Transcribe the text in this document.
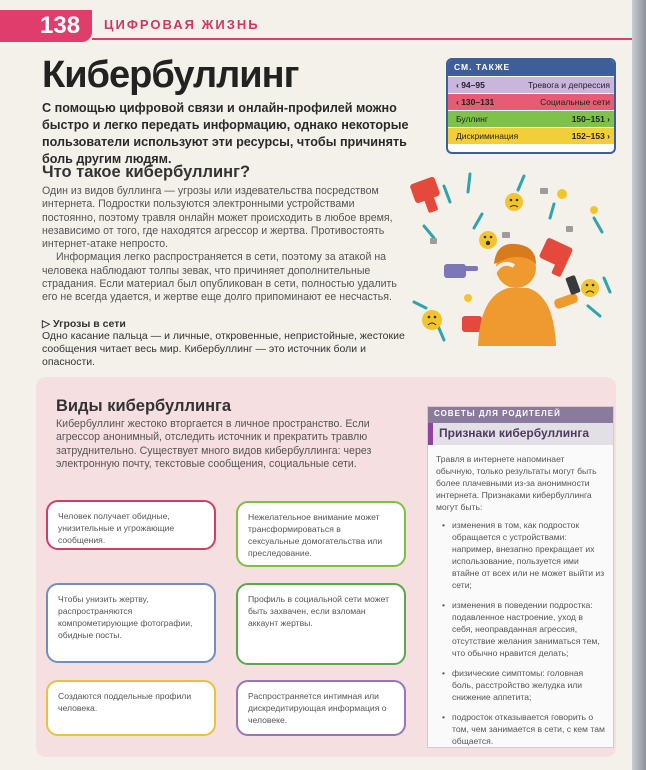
138	ЦИФРОВАЯ ЖИЗНЬ
Кибербуллинг
С помощью цифровой связи и онлайн-профилей можно быстро и легко передать информацию, однако некоторые пользователи используют эти ресурсы, чтобы причинять боль другим людям.
СМ. ТАКЖЕ
‹ 94–95	Тревога и депрессия
‹ 130–131	Социальные сети
Буллинг	150–151 ›
Дискриминация	152–153 ›
Что такое кибербуллинг?

Один из видов буллинга — угрозы или издевательства посредством интернета. Подростки пользуются электронными устройствами постоянно, поэтому травля онлайн может происходить в любое время, независимо от того, где находятся агрессор и жертва. Противостоять интернет-атаке непросто.

Информация легко распространяется в сети, поэтому за атакой на человека наблюдают толпы зевак, что причиняет дополнительные страдания. Если материал был опубликован в сети, полностью удалить его не всегда удается, и жертве еще долго припоминают ее несчастья.

▷ Угрозы в сети
Одно касание пальца — и личные, откровенные, непристойные, жестокие сообщения читает весь мир. Кибербуллинг — это источник боли и опасности.
Виды кибербуллинга
Кибербуллинг жестоко вторгается в личное пространство. Если агрессор анонимный, отследить источник и прекратить травлю затруднительно. Существует много видов кибербуллинга: через электронную почту, текстовые сообщения, социальные сети.
Человек получает обидные, унизительные и угрожающие сообщения.
Нежелательное внимание может трансформироваться в сексуальные домогательства или преследование.
Чтобы унизить жертву, распространяются компрометирующие фотографии, обидные посты.
Профиль в социальной сети может быть захвачен, если взломан аккаунт жертвы.
Создаются поддельные профили человека.
Распространяется интимная или дискредитирующая информация о человеке.
СОВЕТЫ ДЛЯ РОДИТЕЛЕЙ
Признаки кибербуллинга

Травля в интернете напоминает обычную, только результаты могут быть более плачевными из-за анонимности интернета. Признаками кибербуллинга могут быть:

• изменения в том, как подросток обращается с устройствами: например, внезапно прекращает их использование, пользуется ими втайне от всех или не может выйти из сети;
• изменения в поведении подростка: подавленное настроение, уход в себя, неоправданная агрессия, отсутствие желания заниматься тем, что обычно нравится делать;
• физические симптомы: головная боль, расстройство желудка или снижение аппетита;
• подросток отказывается говорить о том, чем занимается в сети, с кем там общается.
